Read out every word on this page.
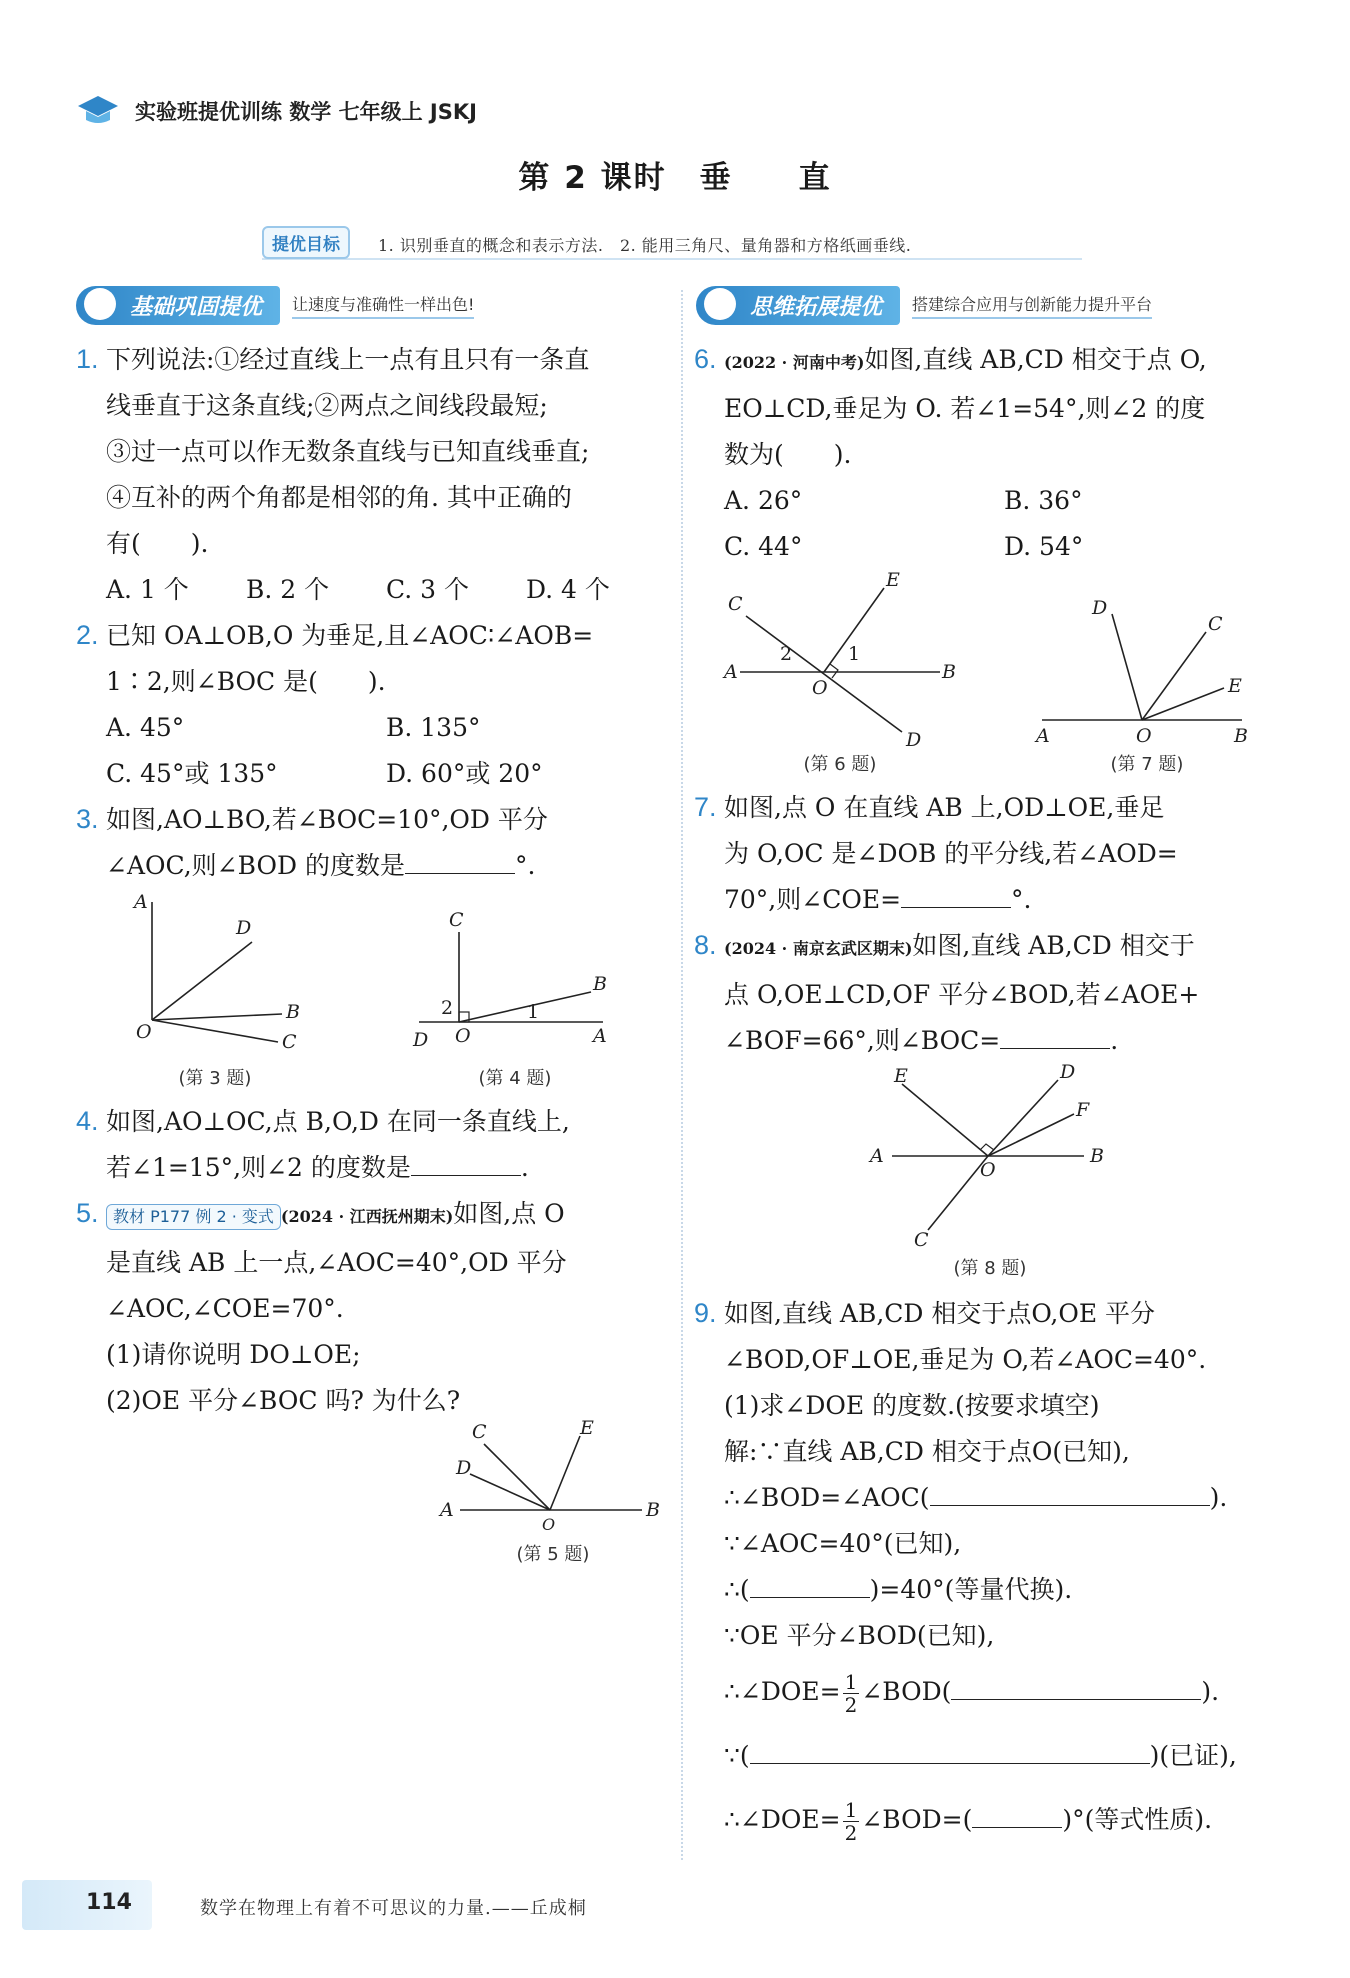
实验班提优训练 数学 七年级上 JSKJ
第 2 课时　垂　　直
提优目标	1. 识别垂直的概念和表示方法.　2. 能用三角尺、量角器和方格纸画垂线.
基础巩固提优	让速度与准确性一样出色!	思维拓展提优	搭建综合应用与创新能力提升平台
1. 下列说法:①经过直线上一点有且只有一条直
线垂直于这条直线;②两点之间线段最短;
③过一点可以作无数条直线与已知直线垂直;
④互补的两个角都是相邻的角. 其中正确的
有(　　).
A. 1 个	B. 2 个	C. 3 个	D. 4 个
2. 已知 OA⊥OB,O 为垂足,且∠AOC∶∠AOB=
1∶2,则∠BOC 是(　　).
A. 45°	B. 135°
C. 45°或 135°	D. 60°或 20°
3. 如图,AO⊥BO,若∠BOC=10°,OD 平分
∠AOC,则∠BOD 的度数是	°.
A
D
B
O	C
(第 3 题)
C
B
2	1
D O	A
(第 4 题)
4. 如图,AO⊥OC,点 B,O,D 在同一条直线上,
若∠1=15°,则∠2 的度数是	.
5. 教材 P177 例 2 · 变式 (2024 · 江西抚州期末)如图,点 O
是直线 AB 上一点,∠AOC=40°,OD 平分
∠AOC,∠COE=70°.
(1)请你说明 DO⊥OE;
(2)OE 平分∠BOC 吗? 为什么?
C	E
D
A
O
B
(第 5 题)
6. (2022 · 河南中考)如图,直线 AB,CD 相交于点 O,
EO⊥CD,垂足为 O. 若∠1=54°,则∠2 的度
数为(　　).
A. 26°	B. 36°
C. 44°	D. 54°
C
E
2	1
A
O
B
D
(第 6 题)
D
C
E
A	O	B
(第 7 题)
7. 如图,点 O 在直线 AB 上,OD⊥OE,垂足
为 O,OC 是∠DOB 的平分线,若∠AOD=
70°,则∠COE=	°.
8. (2024 · 南京玄武区期末)如图,直线 AB,CD 相交于
点 O,OE⊥CD,OF 平分∠BOD,若∠AOE+
∠BOF=66°,则∠BOC=	.
E	D
F
A	B
O
C
(第 8 题)
9. 如图,直线 AB,CD 相交于点O,OE 平分
∠BOD,OF⊥OE,垂足为 O,若∠AOC=40°.
(1)求∠DOE 的度数.(按要求填空)
解:∵直线 AB,CD 相交于点O(已知),
∴∠BOD=∠AOC(	).
∵∠AOC=40°(已知),
∴(	)=40°(等量代换).
∵OE 平分∠BOD(已知),
∴∠DOE= $\frac{1}{2}$ ∠BOD(	).
∵(	)(已证),
∴∠DOE= $\frac{1}{2}$ ∠BOD=(	)°(等式性质).
114	数学在物理上有着不可思议的力量.——丘成桐
